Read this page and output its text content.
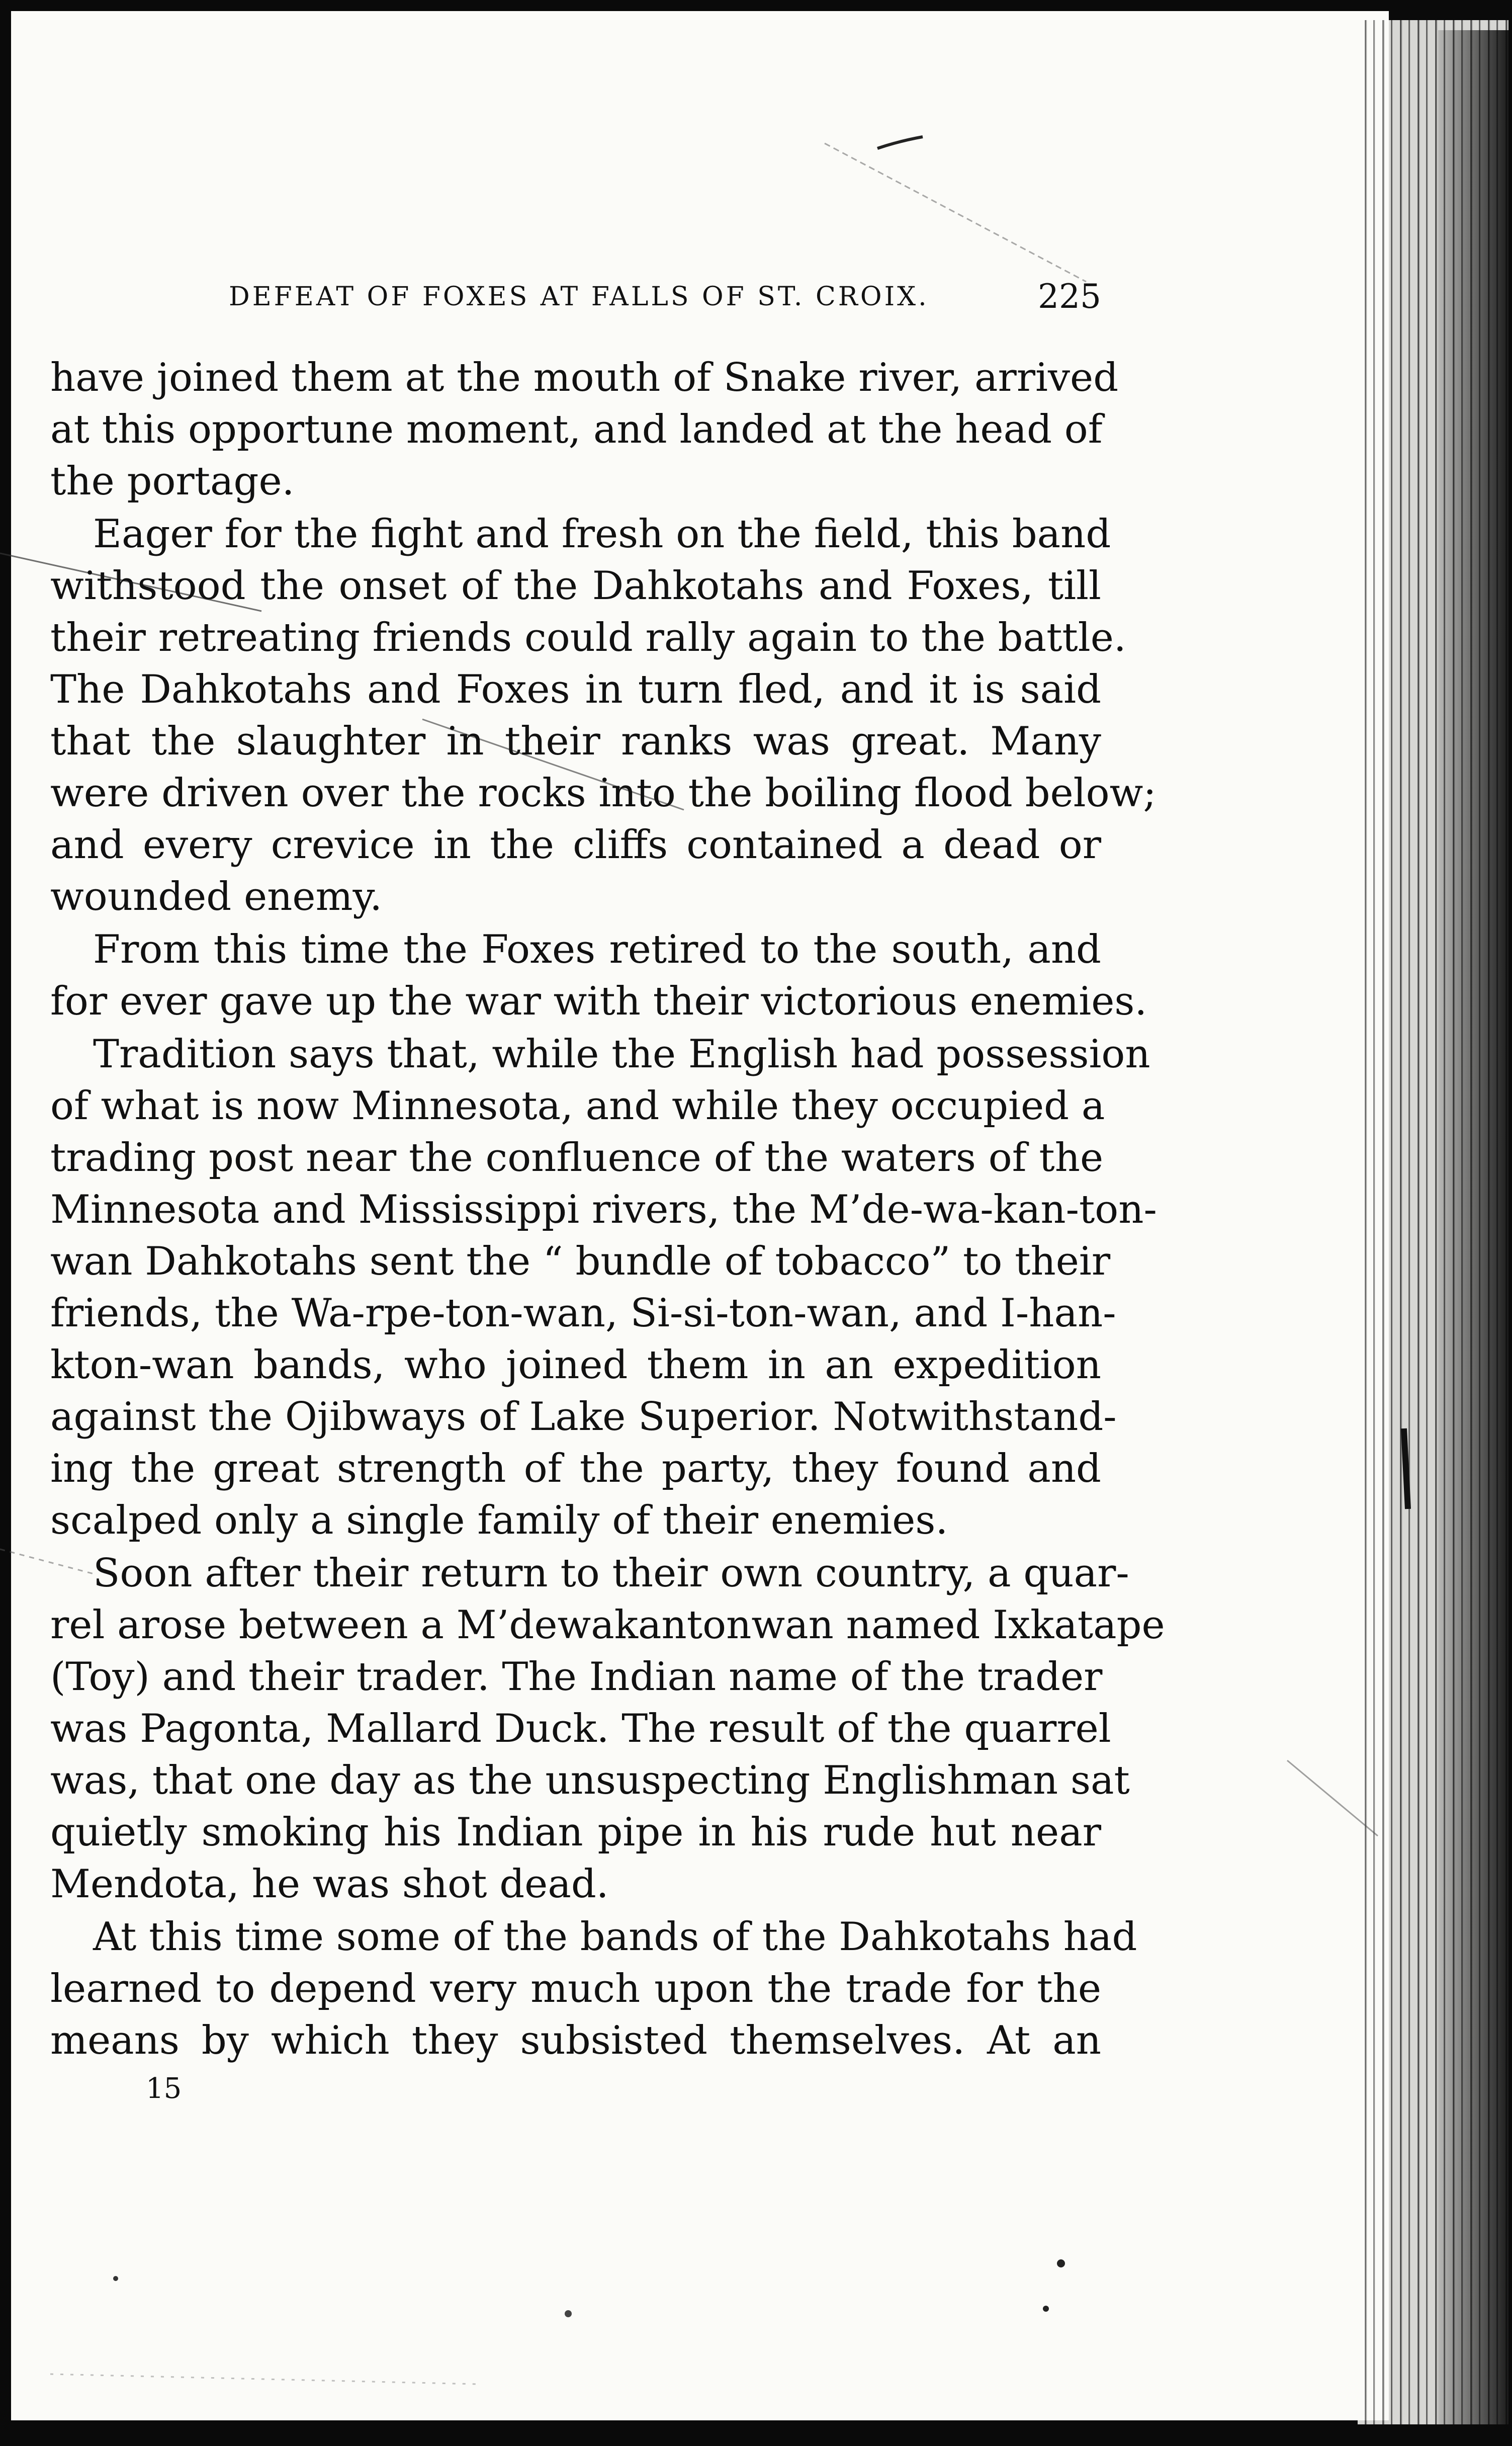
DEFEAT OF FOXES AT FALLS OF ST. CROIX.	225

have joined them at the mouth of Snake river, arrived
at this opportune moment, and landed at the head of
the portage.

Eager for the fight and fresh on the field, this band
withstood the onset of the Dahkotahs and Foxes, till
their retreating friends could rally again to the battle.
The Dahkotahs and Foxes in turn fled, and it is said
that the slaughter in their ranks was great. Many
were driven over the rocks into the boiling flood below;
and every crevice in the cliffs contained a dead or
wounded enemy.

From this time the Foxes retired to the south, and
for ever gave up the war with their victorious enemies.

Tradition says that, while the English had possession
of what is now Minnesota, and while they occupied a
trading post near the confluence of the waters of the
Minnesota and Mississippi rivers, the M’de-wa-kan-ton-
wan Dahkotahs sent the “ bundle of tobacco” to their
friends, the Wa-rpe-ton-wan, Si-si-ton-wan, and I-han-
kton-wan bands, who joined them in an expedition
against the Ojibways of Lake Superior. Notwithstand-
ing the great strength of the party, they found and
scalped only a single family of their enemies.

Soon after their return to their own country, a quar-
rel arose between a M’dewakantonwan named Ixkatape
(Toy) and their trader. The Indian name of the trader
was Pagonta, Mallard Duck. The result of the quarrel
was, that one day as the unsuspecting Englishman sat
quietly smoking his Indian pipe in his rude hut near
Mendota, he was shot dead.

At this time some of the bands of the Dahkotahs had
learned to depend very much upon the trade for the
means by which they subsisted themselves. At an

15
